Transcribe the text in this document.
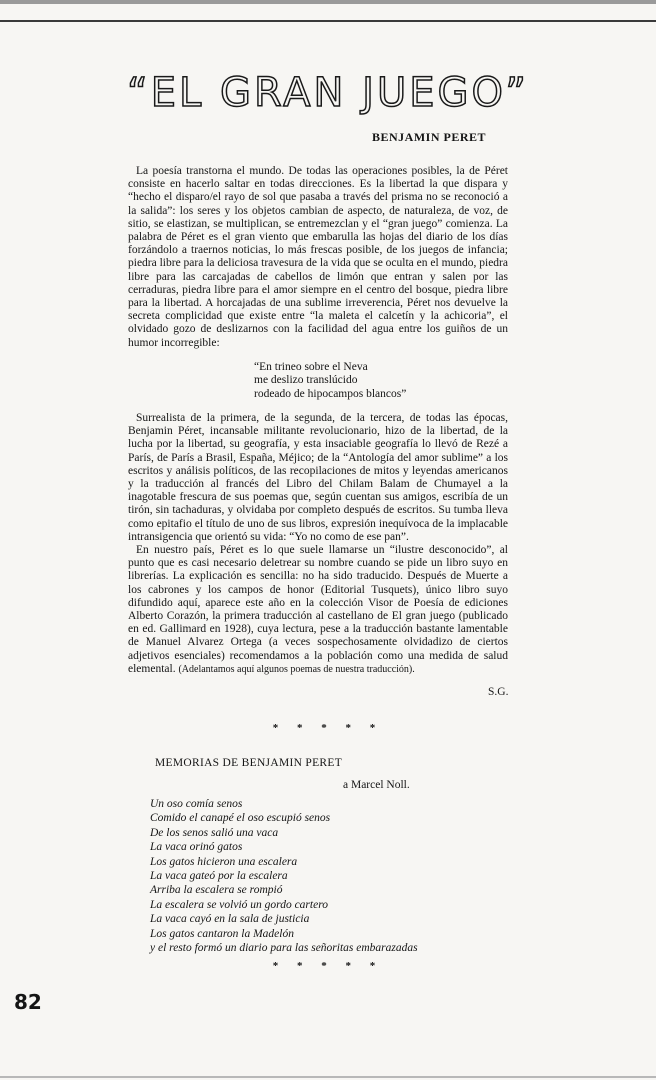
“EL GRAN JUEGO”
BENJAMIN PERET

La poesía transtorna el mundo. De todas las operaciones posibles, la de Péret consiste en hacerlo saltar en todas direcciones. Es la libertad la que dispara y “hecho el disparo/el rayo de sol que pasaba a través del prisma no se reconoció a la salida”: los seres y los objetos cambian de aspecto, de naturaleza, de voz, de sitio, se elastizan, se multiplican, se entremezclan y el “gran juego” comienza. La palabra de Péret es el gran viento que embarulla las hojas del diario de los días forzándolo a traernos noticias, lo más frescas posible, de los juegos de infancia; piedra libre para la deliciosa travesura de la vida que se oculta en el mundo, piedra libre para las carcajadas de cabellos de limón que entran y salen por las cerraduras, piedra libre para el amor siempre en el centro del bosque, piedra libre para la libertad. A horcajadas de una sublime irreverencia, Péret nos devuelve la secreta complicidad que existe entre “la maleta el calcetín y la achicoria”, el olvidado gozo de deslizarnos con la facilidad del agua entre los guiños de un humor incorregible:

“En trineo sobre el Neva
me deslizo translúcido
rodeado de hipocampos blancos”

Surrealista de la primera, de la segunda, de la tercera, de todas las épocas, Benjamin Péret, incansable militante revolucionario, hizo de la libertad, de la lucha por la libertad, su geografía, y esta insaciable geografía lo llevó de Rezé a París, de París a Brasil, España, Méjico; de la “Antología del amor sublime” a los escritos y análisis políticos, de las recopilaciones de mitos y leyendas americanos y la traducción al francés del Libro del Chilam Balam de Chumayel a la inagotable frescura de sus poemas que, según cuentan sus amigos, escribía de un tirón, sin tachaduras, y olvidaba por completo después de escritos. Su tumba lleva como epitafio el título de uno de sus libros, expresión inequívoca de la implacable intransigencia que orientó su vida: “Yo no como de ese pan”.

En nuestro país, Péret es lo que suele llamarse un “ilustre desconocido”, al punto que es casi necesario deletrear su nombre cuando se pide un libro suyo en librerías. La explicación es sencilla: no ha sido traducido. Después de Muerte a los cabrones y los campos de honor (Editorial Tusquets), único libro suyo difundido aquí, aparece este año en la colección Visor de Poesía de ediciones Alberto Corazón, la primera traducción al castellano de El gran juego (publicado en ed. Gallimard en 1928), cuya lectura, pese a la traducción bastante lamentable de Manuel Alvarez Ortega (a veces sospechosamente olvidadizo de ciertos adjetivos esenciales) recomendamos a la población como una medida de salud elemental. (Adelantamos aquí algunos poemas de nuestra traducción).

S.G.
* * * * *
MEMORIAS DE BENJAMIN PERET
a Marcel Noll.
Un oso comía senos
Comido el canapé el oso escupió senos
De los senos salió una vaca
La vaca orinó gatos
Los gatos hicieron una escalera
La vaca gateó por la escalera
Arriba la escalera se rompió
La escalera se volvió un gordo cartero
La vaca cayó en la sala de justicia
Los gatos cantaron la Madelón
y el resto formó un diario para las señoritas embarazadas
* * * * *
82
